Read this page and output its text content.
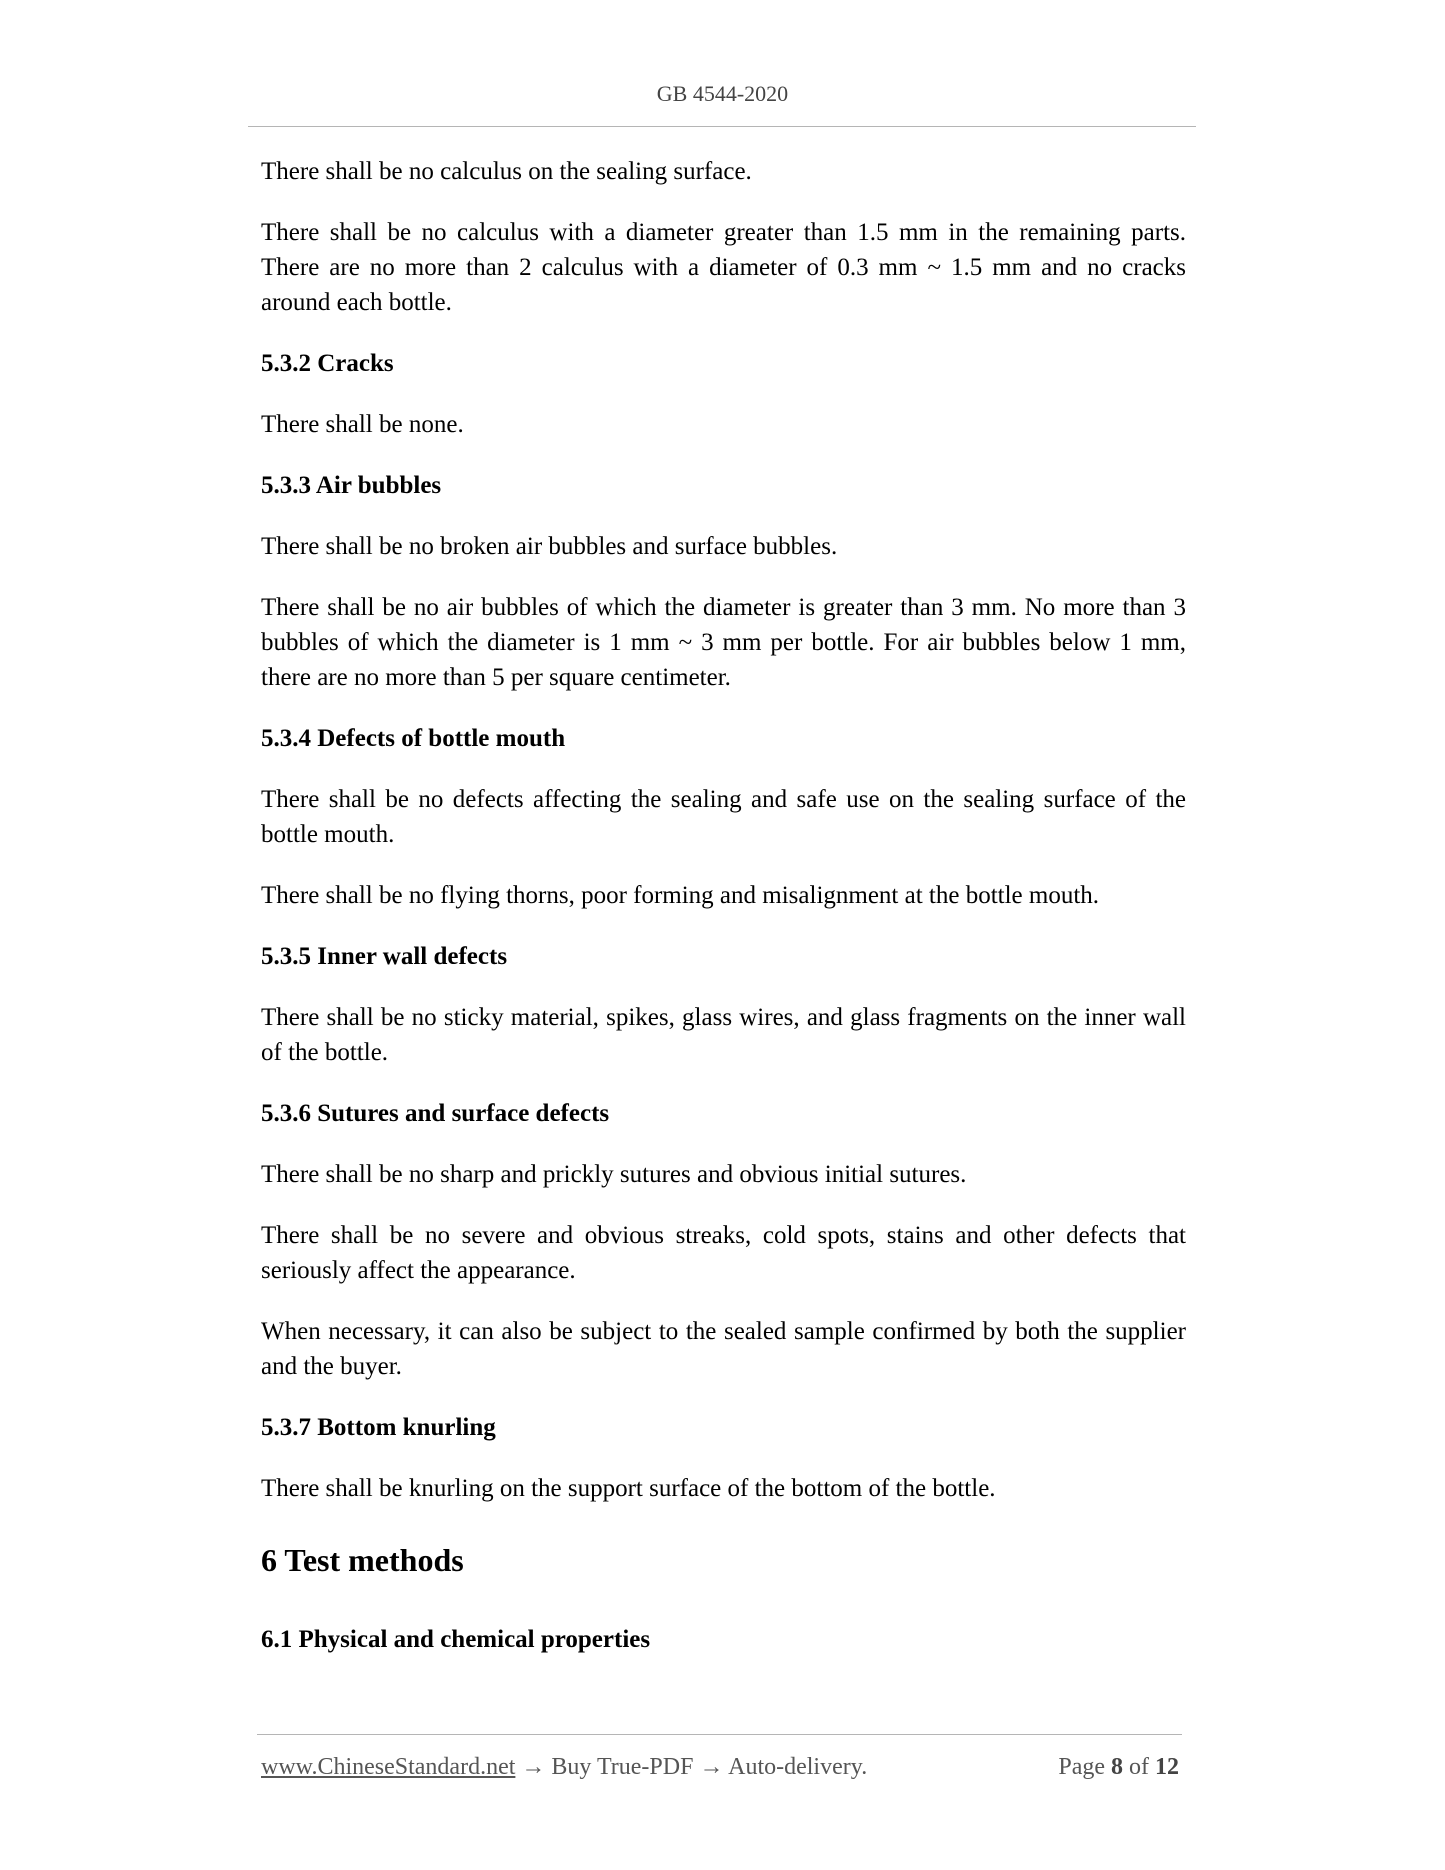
GB 4544-2020

There shall be no calculus on the sealing surface.

There shall be no calculus with a diameter greater than 1.5 mm in the remaining parts. There are no more than 2 calculus with a diameter of 0.3 mm ~ 1.5 mm and no cracks around each bottle.

5.3.2 Cracks

There shall be none.

5.3.3 Air bubbles

There shall be no broken air bubbles and surface bubbles.

There shall be no air bubbles of which the diameter is greater than 3 mm. No more than 3 bubbles of which the diameter is 1 mm ~ 3 mm per bottle. For air bubbles below 1 mm, there are no more than 5 per square centimeter.

5.3.4 Defects of bottle mouth

There shall be no defects affecting the sealing and safe use on the sealing surface of the bottle mouth.

There shall be no flying thorns, poor forming and misalignment at the bottle mouth.

5.3.5 Inner wall defects

There shall be no sticky material, spikes, glass wires, and glass fragments on the inner wall of the bottle.

5.3.6 Sutures and surface defects

There shall be no sharp and prickly sutures and obvious initial sutures.

There shall be no severe and obvious streaks, cold spots, stains and other defects that seriously affect the appearance.

When necessary, it can also be subject to the sealed sample confirmed by both the supplier and the buyer.

5.3.7 Bottom knurling

There shall be knurling on the support surface of the bottom of the bottle.

6 Test methods
6.1 Physical and chemical properties
www.ChineseStandard.net → Buy True-PDF → Auto-delivery.	Page 8 of 12
